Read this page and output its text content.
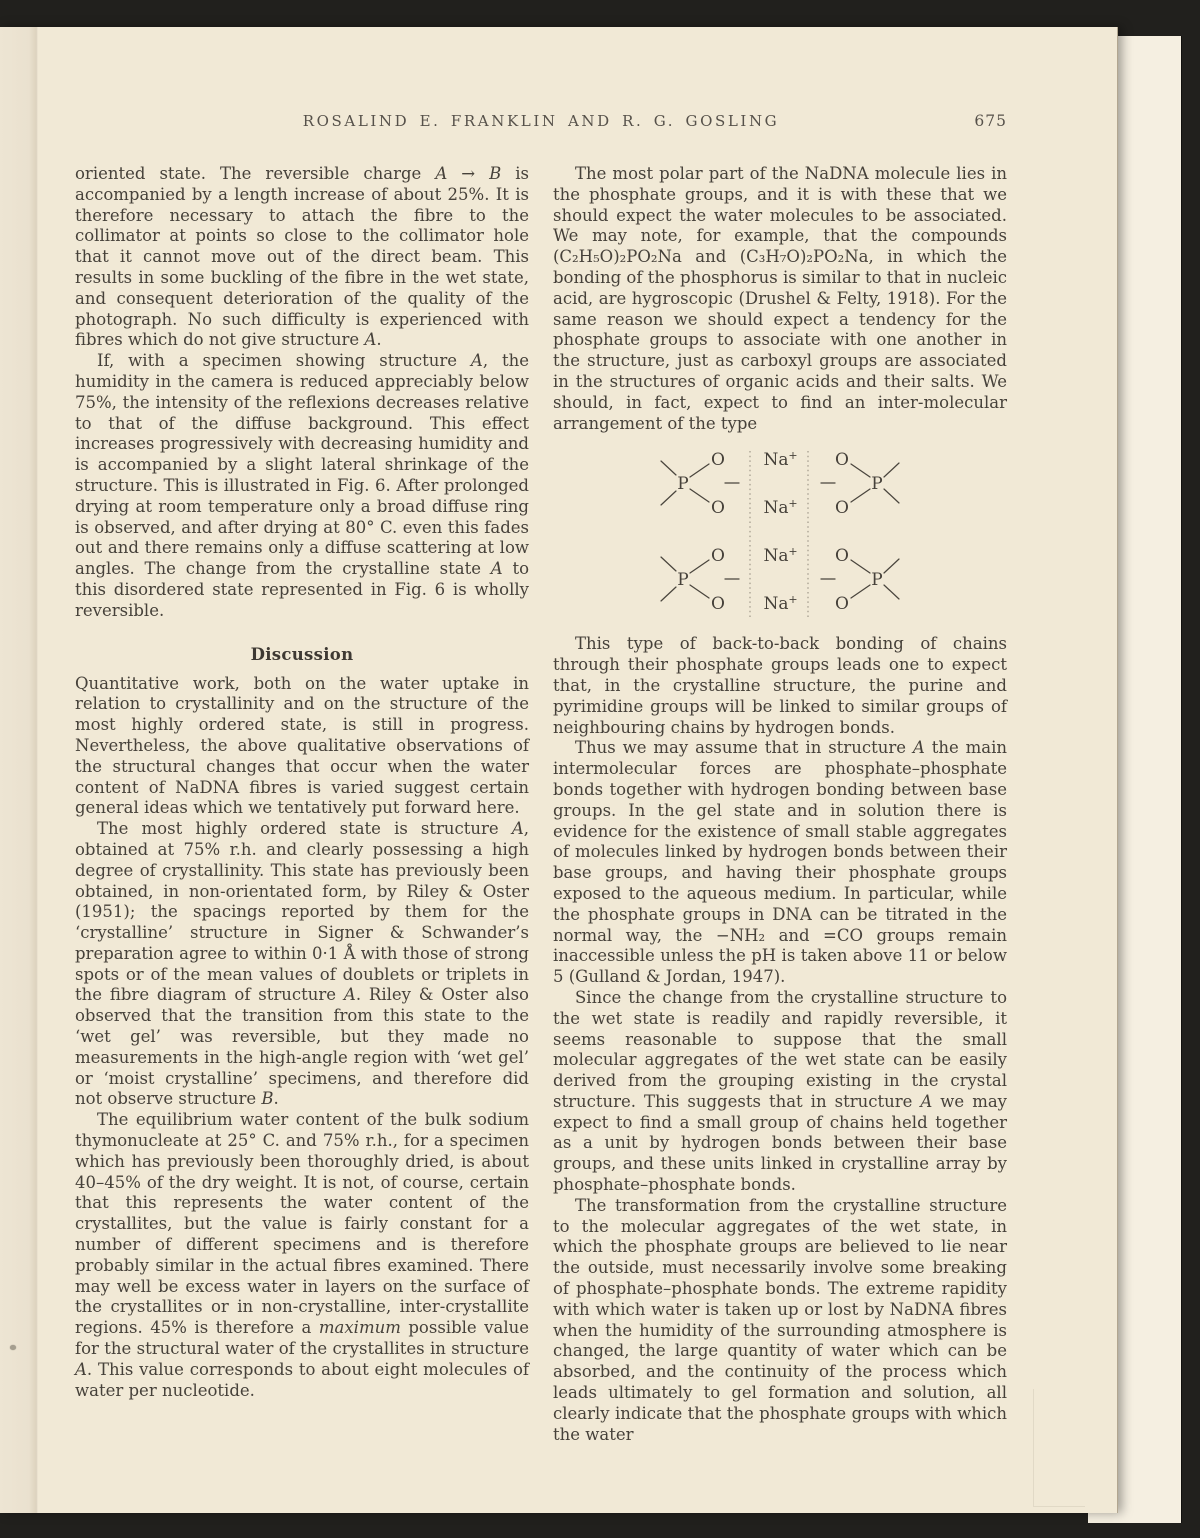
ROSALIND E. FRANKLIN AND R. G. GOSLING	675

oriented state. The reversible charge A → B is accompanied by a length increase of about 25%. It is therefore necessary to attach the fibre to the collimator at points so close to the collimator hole that it cannot move out of the direct beam. This results in some buckling of the fibre in the wet state, and consequent deterioration of the quality of the photograph. No such difficulty is experienced with fibres which do not give structure A.

If, with a specimen showing structure A, the humidity in the camera is reduced appreciably below 75%, the intensity of the reflexions decreases relative to that of the diffuse background. This effect increases progressively with decreasing humidity and is accompanied by a slight lateral shrinkage of the structure. This is illustrated in Fig. 6. After prolonged drying at room temperature only a broad diffuse ring is observed, and after drying at 80° C. even this fades out and there remains only a diffuse scattering at low angles. The change from the crystalline state A to this disordered state represented in Fig. 6 is wholly reversible.

Discussion

Quantitative work, both on the water uptake in relation to crystallinity and on the structure of the most highly ordered state, is still in progress. Nevertheless, the above qualitative observations of the structural changes that occur when the water content of NaDNA fibres is varied suggest certain general ideas which we tentatively put forward here.

The most highly ordered state is structure A, obtained at 75% r.h. and clearly possessing a high degree of crystallinity. This state has previously been obtained, in non-orientated form, by Riley & Oster (1951); the spacings reported by them for the ‘crystalline’ structure in Signer & Schwander’s preparation agree to within 0·1 Å with those of strong spots or of the mean values of doublets or triplets in the fibre diagram of structure A. Riley & Oster also observed that the transition from this state to the ‘wet gel’ was reversible, but they made no measurements in the high-angle region with ‘wet gel’ or ‘moist crystalline’ specimens, and therefore did not observe structure B.

The equilibrium water content of the bulk sodium thymonucleate at 25° C. and 75% r.h., for a specimen which has previously been thoroughly dried, is about 40–45% of the dry weight. It is not, of course, certain that this represents the water content of the crystallites, but the value is fairly constant for a number of different specimens and is therefore probably similar in the actual fibres examined. There may well be excess water in layers on the surface of the crystallites or in non-crystalline, inter-crystallite regions. 45% is therefore a maximum possible value for the structural water of the crystallites in structure A. This value corresponds to about eight molecules of water per nucleotide.

The most polar part of the NaDNA molecule lies in the phosphate groups, and it is with these that we should expect the water molecules to be associated. We may note, for example, that the compounds (C₂H₅O)₂PO₂Na and (C₃H₇O)₂PO₂Na, in which the bonding of the phosphorus is similar to that in nucleic acid, are hygroscopic (Drushel & Felty, 1918). For the same reason we should expect a tendency for the phosphate groups to associate with one another in the structure, just as carboxyl groups are associated in the structures of organic acids and their salts. We should, in fact, expect to find an inter-molecular arrangement of the type

P
O
O
Na +
Na +
O
O
P
P
O
O
Na +
Na +
O
O
P

This type of back-to-back bonding of chains through their phosphate groups leads one to expect that, in the crystalline structure, the purine and pyrimidine groups will be linked to similar groups of neighbouring chains by hydrogen bonds.

Thus we may assume that in structure A the main intermolecular forces are phosphate–phosphate bonds together with hydrogen bonding between base groups. In the gel state and in solution there is evidence for the existence of small stable aggregates of molecules linked by hydrogen bonds between their base groups, and having their phosphate groups exposed to the aqueous medium. In particular, while the phosphate groups in DNA can be titrated in the normal way, the −NH₂ and =CO groups remain inaccessible unless the pH is taken above 11 or below 5 (Gulland & Jordan, 1947).

Since the change from the crystalline structure to the wet state is readily and rapidly reversible, it seems reasonable to suppose that the small molecular aggregates of the wet state can be easily derived from the grouping existing in the crystal structure. This suggests that in structure A we may expect to find a small group of chains held together as a unit by hydrogen bonds between their base groups, and these units linked in crystalline array by phosphate–phosphate bonds.

The transformation from the crystalline structure to the molecular aggregates of the wet state, in which the phosphate groups are believed to lie near the outside, must necessarily involve some breaking of phosphate–phosphate bonds. The extreme rapidity with which water is taken up or lost by NaDNA fibres when the humidity of the surrounding atmosphere is changed, the large quantity of water which can be absorbed, and the continuity of the process which leads ultimately to gel formation and solution, all clearly indicate that the phosphate groups with which the water
